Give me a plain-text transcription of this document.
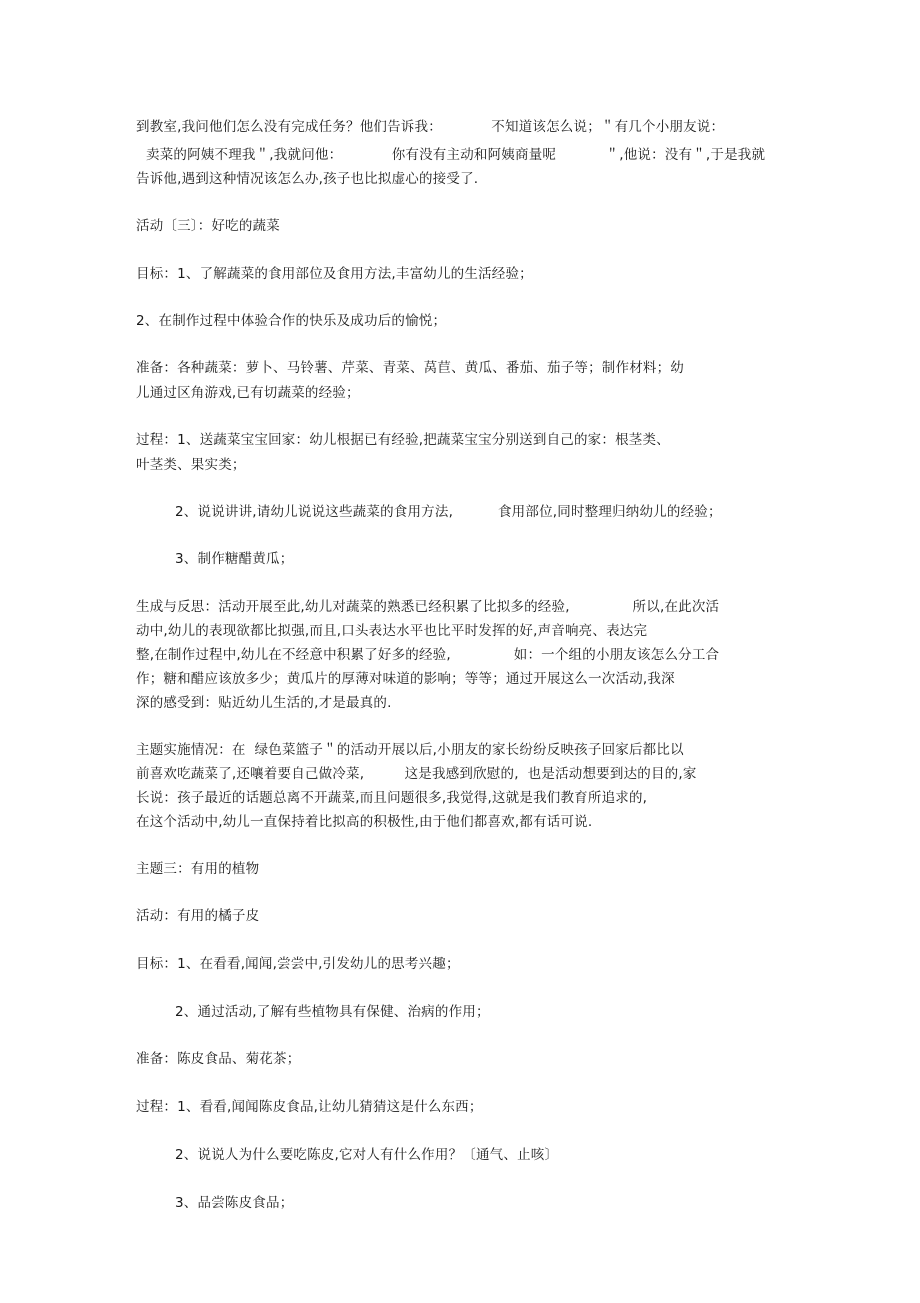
到教室,我问他们怎么没有完成任务？他们告诉我：           不知道该怎么说；＂有几个小朋友说：
卖菜的阿姨不理我＂,我就问他：           你有没有主动和阿姨商量呢           ＂,他说：没有＂,于是我就
告诉他,遇到这种情况该怎么办,孩子也比拟虚心的接受了.
活动〔三〕：好吃的蔬菜
目标：1、了解蔬菜的食用部位及食用方法,丰富幼儿的生活经验；
2、在制作过程中体验合作的快乐及成功后的愉悦；
准备：各种蔬菜：萝卜、马铃薯、芹菜、青菜、莴苣、黄瓜、番茄、茄子等；制作材料；幼
儿通过区角游戏,已有切蔬菜的经验；
过程：1、送蔬菜宝宝回家：幼儿根据已有经验,把蔬菜宝宝分别送到自己的家：根茎类、
叶茎类、果实类；
2、说说讲讲,请幼儿说说这些蔬菜的食用方法,          食用部位,同时整理归纳幼儿的经验；
3、制作糖醋黄瓜；
生成与反思：活动开展至此,幼儿对蔬菜的熟悉已经积累了比拟多的经验,              所以,在此次活
动中,幼儿的表现欲都比拟强,而且,口头表达水平也比平时发挥的好,声音响亮、表达完
整,在制作过程中,幼儿在不经意中积累了好多的经验,              如：一个组的小朋友该怎么分工合
作；糖和醋应该放多少；黄瓜片的厚薄对味道的影响；等等；通过开展这么一次活动,我深
深的感受到：贴近幼儿生活的,才是最真的.
主题实施情况：在  绿色菜篮子＂的活动开展以后,小朋友的家长纷纷反映孩子回家后都比以
前喜欢吃蔬菜了,还嚷着要自己做冷菜,         这是我感到欣慰的,  也是活动想要到达的目的,家
长说：孩子最近的话题总离不开蔬菜,而且问题很多,我觉得,这就是我们教育所追求的,
在这个活动中,幼儿一直保持着比拟高的积极性,由于他们都喜欢,都有话可说.
主题三：有用的植物
活动：有用的橘子皮
目标：1、在看看,闻闻,尝尝中,引发幼儿的思考兴趣；
2、通过活动,了解有些植物具有保健、治病的作用；
准备：陈皮食品、菊花茶；
过程：1、看看,闻闻陈皮食品,让幼儿猜猜这是什么东西；
2、说说人为什么要吃陈皮,它对人有什么作用？〔通气、止咳〕
3、品尝陈皮食品；
